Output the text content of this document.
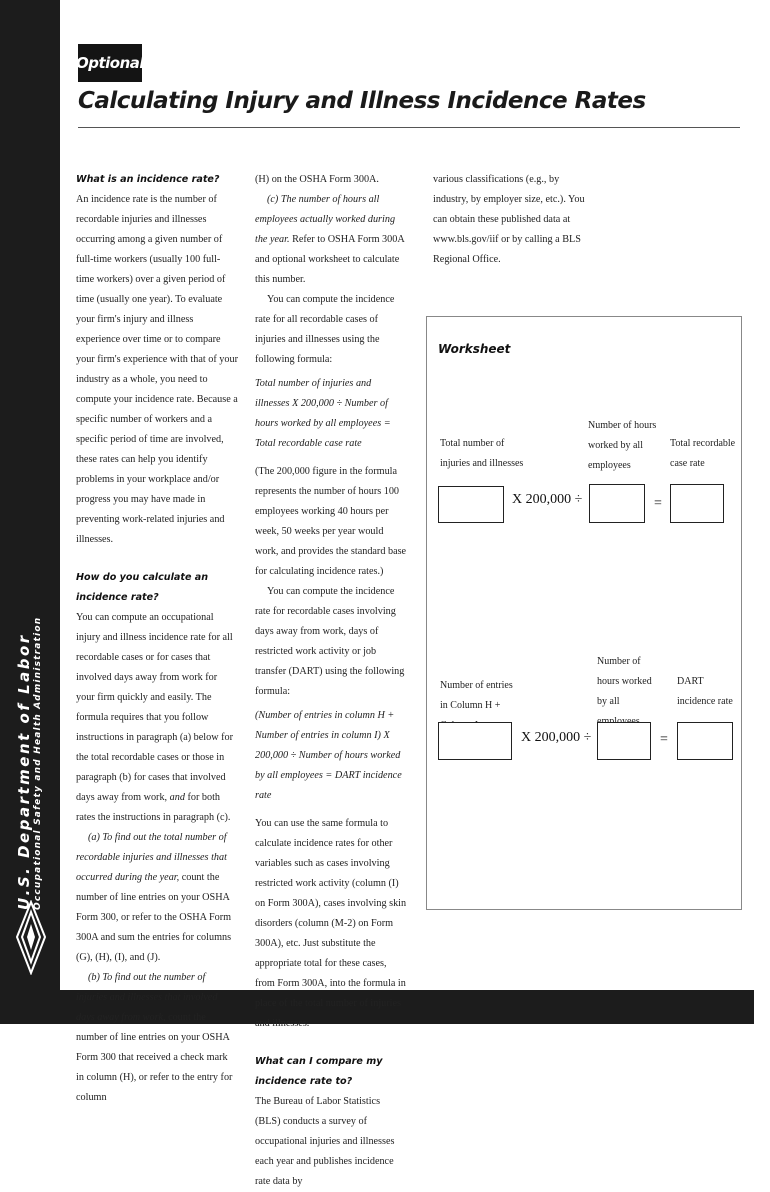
U.S. Department of Labor Occupational Safety and Health Administration
Optional
Calculating Injury and Illness Incidence Rates
What is an incidence rate?

An incidence rate is the number of recordable injuries and illnesses occurring among a given number of full-time workers (usually 100 full-time workers) over a given period of time (usually one year). To evaluate your firm's injury and illness experience over time or to compare your firm's experience with that of your industry as a whole, you need to compute your incidence rate. Because a specific number of workers and a specific period of time are involved, these rates can help you identify problems in your workplace and/or progress you may have made in preventing work-related injuries and illnesses.

How do you calculate an incidence rate?

You can compute an occupational injury and illness incidence rate for all recordable cases or for cases that involved days away from work for your firm quickly and easily. The formula requires that you follow instructions in paragraph (a) below for the total recordable cases or those in paragraph (b) for cases that involved days away from work, and for both rates the instructions in paragraph (c).

(a) To find out the total number of recordable injuries and illnesses that occurred during the year, count the number of line entries on your OSHA Form 300, or refer to the OSHA Form 300A and sum the entries for columns (G), (H), (I), and (J).

(b) To find out the number of injuries and illnesses that involved days away from work, count the number of line entries on your OSHA Form 300 that received a check mark in column (H), or refer to the entry for column

(H) on the OSHA Form 300A.

(c) The number of hours all employees actually worked during the year. Refer to OSHA Form 300A and optional worksheet to calculate this number.

You can compute the incidence rate for all recordable cases of injuries and illnesses using the following formula:

Total number of injuries and illnesses X 200,000 ÷ Number of hours worked by all employees = Total recordable case rate

(The 200,000 figure in the formula represents the number of hours 100 employees working 40 hours per week, 50 weeks per year would work, and provides the standard base for calculating incidence rates.)

You can compute the incidence rate for recordable cases involving days away from work, days of restricted work activity or job transfer (DART) using the following formula:

(Number of entries in column H + Number of entries in column I) X 200,000 ÷ Number of hours worked by all employees = DART incidence rate

You can use the same formula to calculate incidence rates for other variables such as cases involving restricted work activity (column (I) on Form 300A), cases involving skin disorders (column (M-2) on Form 300A), etc. Just substitute the appropriate total for these cases, from Form 300A, into the formula in place of the total number of injuries and illnesses.

What can I compare my incidence rate to?

The Bureau of Labor Statistics (BLS) conducts a survey of occupational injuries and illnesses each year and publishes incidence rate data by

various classifications (e.g., by industry, by employer size, etc.). You can obtain these published data at www.bls.gov/iif or by calling a BLS Regional Office.

Worksheet
Total number of injuries and illnesses
Number of hours worked by all employees
Total recordable case rate
X 200,000 ÷	=
Number of entries in Column H +
Number of hours worked by all
DART incidence rate
X 200,000 ÷	=
